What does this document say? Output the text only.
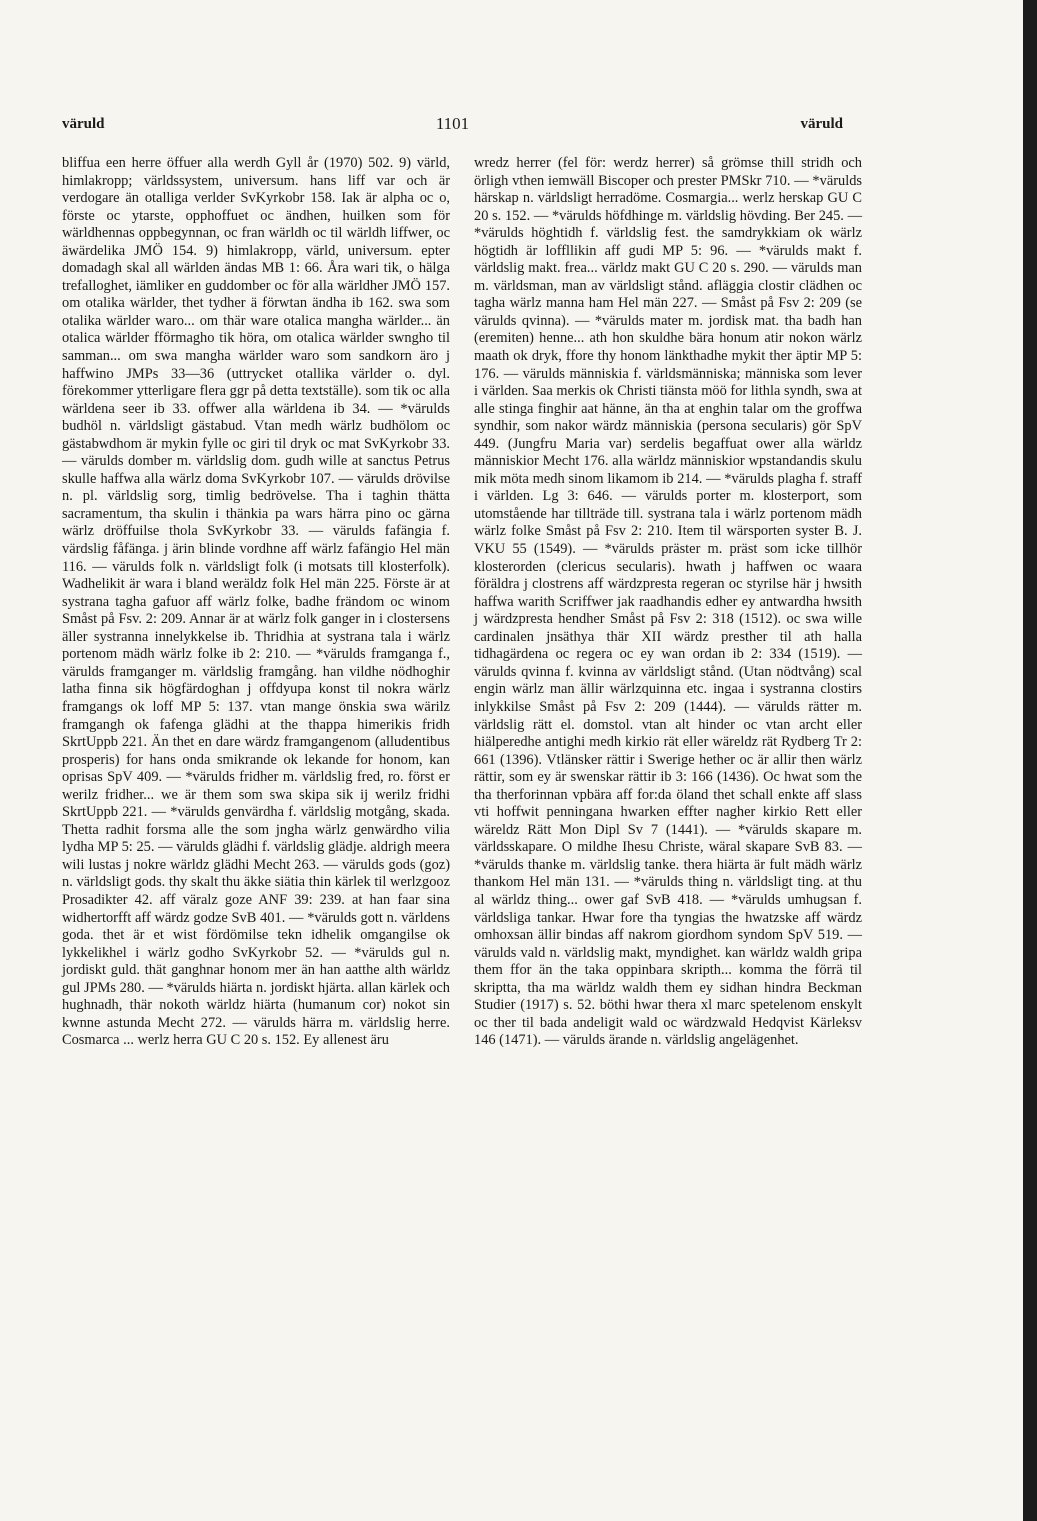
väruld	1101	väruld

bliffua een herre öffuer alla werdh Gyll år (1970) 502. 9) värld, himlakropp; världssystem, universum. hans liff var och är verdogare än otalliga verlder SvKyrkobr 158. Iak är alpha oc o, förste oc ytarste, opphoffuet oc ändhen, huilken som för wärldhennas oppbegynnan, oc fran wärldh oc til wärldh liffwer, oc äwärdelika JMÖ 154. 9) himlakropp, värld, universum. epter domadagh skal all wärlden ändas MB 1: 66. Åra wari tik, o hälga trefalloghet, iämliker en guddomber oc för alla wärldher JMÖ 157. om otalika wärlder, thet tydher ä förwtan ändha ib 162. swa som otalika wärlder waro... om thär ware otalica mangha wärlder... än otalica wärlder fförmagho tik höra, om otalica wärlder swngho til samman... om swa mangha wärlder waro som sandkorn äro j haffwino JMPs 33—36 (uttrycket otallika världer o. dyl. förekommer ytterligare flera ggr på detta textställe). som tik oc alla wärldena seer ib 33. offwer alla wärldena ib 34. — *värulds budhöl n. världsligt gästabud. Vtan medh wärlz budhölom oc gästabwdhom är mykin fylle oc giri til dryk oc mat SvKyrkobr 33. — värulds domber m. världslig dom. gudh wille at sanctus Petrus skulle haffwa alla wärlz doma SvKyrkobr 107. — värulds drövilse n. pl. världslig sorg, timlig bedrövelse. Tha i taghin thätta sacramentum, tha skulin i thänkia pa wars härra pino oc gärna wärlz dröffuilse thola SvKyrkobr 33. — värulds fafängia f. värdslig fåfänga. j ärin blinde vordhne aff wärlz fafängio Hel män 116. — värulds folk n. världsligt folk (i motsats till klosterfolk). Wadhelikit är wara i bland weräldz folk Hel män 225. Förste är at systrana tagha gafuor aff wärlz folke, badhe frändom oc winom Småst på Fsv. 2: 209. Annar är at wärlz folk ganger in i clostersens äller systranna innelykkelse ib. Thridhia at systrana tala i wärlz portenom mädh wärlz folke ib 2: 210. — *värulds framganga f., värulds framganger m. världslig framgång. han vildhe nödhoghir latha finna sik högfärdoghan j offdyupa konst til nokra wärlz framgangs ok loff MP 5: 137. vtan mange önskia swa wärilz framgangh ok fafenga glädhi at the thappa himerikis fridh SkrtUppb 221. Än thet en dare wärdz framgangenom (alludentibus prosperis) for hans onda smikrande ok lekande for honom, kan oprisas SpV 409. — *värulds fridher m. världslig fred, ro. först er werilz fridher... we är them som swa skipa sik ij werilz fridhi SkrtUppb 221. — *värulds genvärdha f. världslig motgång, skada. Thetta radhit forsma alle the som jngha wärlz genwärdho vilia lydha MP 5: 25. — värulds glädhi f. världslig glädje. aldrigh meera wili lustas j nokre wärldz glädhi Mecht 263. — värulds gods (goz) n. världsligt gods. thy skalt thu äkke siätia thin kärlek til werlzgooz Prosadikter 42. aff väralz goze ANF 39: 239. at han faar sina widhertorfft aff wärdz godze SvB 401. — *värulds gott n. världens goda. thet är et wist fördömilse tekn idhelik omgangilse ok lykkelikhel i wärlz godho SvKyrkobr 52. — *värulds gul n. jordiskt guld. thät ganghnar honom mer än han aatthe alth wärldz gul JPMs 280. — *värulds hiärta n. jordiskt hjärta. allan kärlek och hughnadh, thär nokoth wärldz hiärta (humanum cor) nokot sin kwnne astunda Mecht 272. — värulds härra m. världslig herre. Cosmarca ... werlz herra GU C 20 s. 152. Ey allenest äru

wredz herrer (fel för: werdz herrer) så grömse thill stridh och örligh vthen iemwäll Biscoper och prester PMSkr 710. — *värulds härskap n. världsligt herradöme. Cosmargia... werlz herskap GU C 20 s. 152. — *värulds höfdhinge m. världslig hövding. Ber 245. — *värulds höghtidh f. världslig fest. the samdrykkiam ok wärlz högtidh är loffllikin aff gudi MP 5: 96. — *värulds makt f. världslig makt. frea... världz makt GU C 20 s. 290. — värulds man m. världsman, man av världsligt stånd. afläggia clostir clädhen oc tagha wärlz manna ham Hel män 227. — Småst på Fsv 2: 209 (se värulds qvinna). — *värulds mater m. jordisk mat. tha badh han (eremiten) henne... ath hon skuldhe bära honum atir nokon wärlz maath ok dryk, ffore thy honom länkthadhe mykit ther äptir MP 5: 176. — värulds människia f. världsmänniska; människa som lever i världen. Saa merkis ok Christi tiänsta möö for lithla syndh, swa at alle stinga finghir aat hänne, än tha at enghin talar om the groffwa syndhir, som nakor wärdz människia (persona secularis) gör SpV 449. (Jungfru Maria var) serdelis begaffuat ower alla wärldz människior Mecht 176. alla wärldz människior wpstandandis skulu mik möta medh sinom likamom ib 214. — *värulds plagha f. straff i världen. Lg 3: 646. — värulds porter m. klosterport, som utomstående har tillträde till. systrana tala i wärlz portenom mädh wärlz folke Småst på Fsv 2: 210. Item til wärsporten syster B. J. VKU 55 (1549). — *värulds präster m. präst som icke tillhör klosterorden (clericus secularis). hwath j haffwen oc waara föräldra j clostrens aff wärdzpresta regeran oc styrilse här j hwsith haffwa warith Scriffwer jak raadhandis edher ey antwardha hwsith j wärdzpresta hendher Småst på Fsv 2: 318 (1512). oc swa wille cardinalen jnsäthya thär XII wärdz presther til ath halla tidhagärdena oc regera oc ey wan ordan ib 2: 334 (1519). — värulds qvinna f. kvinna av världsligt stånd. (Utan nödtvång) scal engin wärlz man ällir wärlzquinna etc. ingaa i systranna clostirs inlykkilse Småst på Fsv 2: 209 (1444). — värulds rätter m. världslig rätt el. domstol. vtan alt hinder oc vtan archt eller hiälperedhe antighi medh kirkio rät eller wäreldz rät Rydberg Tr 2: 661 (1396). Vtlänsker rättir i Swerige hether oc är allir then wärlz rättir, som ey är swenskar rättir ib 3: 166 (1436). Oc hwat som the tha therforinnan vpbära aff for:da öland thet schall enkte aff slass vti hoffwit penningana hwarken effter nagher kirkio Rett eller wäreldz Rätt Mon Dipl Sv 7 (1441). — *värulds skapare m. världsskapare. O mildhe Ihesu Christe, wäral skapare SvB 83. — *värulds thanke m. världslig tanke. thera hiärta är fult mädh wärlz thankom Hel män 131. — *värulds thing n. världsligt ting. at thu al wärldz thing... ower gaf SvB 418. — *värulds umhugsan f. världsliga tankar. Hwar fore tha tyngias the hwatzske aff wärdz omhoxsan ällir bindas aff nakrom giordhom syndom SpV 519. — värulds vald n. världslig makt, myndighet. kan wärldz waldh gripa them ffor än the taka oppinbara skripth... komma the förrä til skriptta, tha ma wärldz waldh them ey sidhan hindra Beckman Studier (1917) s. 52. böthi hwar thera xl marc spetelenom enskylt oc ther til bada andeligit wald oc wärdzwald Hedqvist Kärleksv 146 (1471). — värulds ärande n. världslig angelägenhet.
